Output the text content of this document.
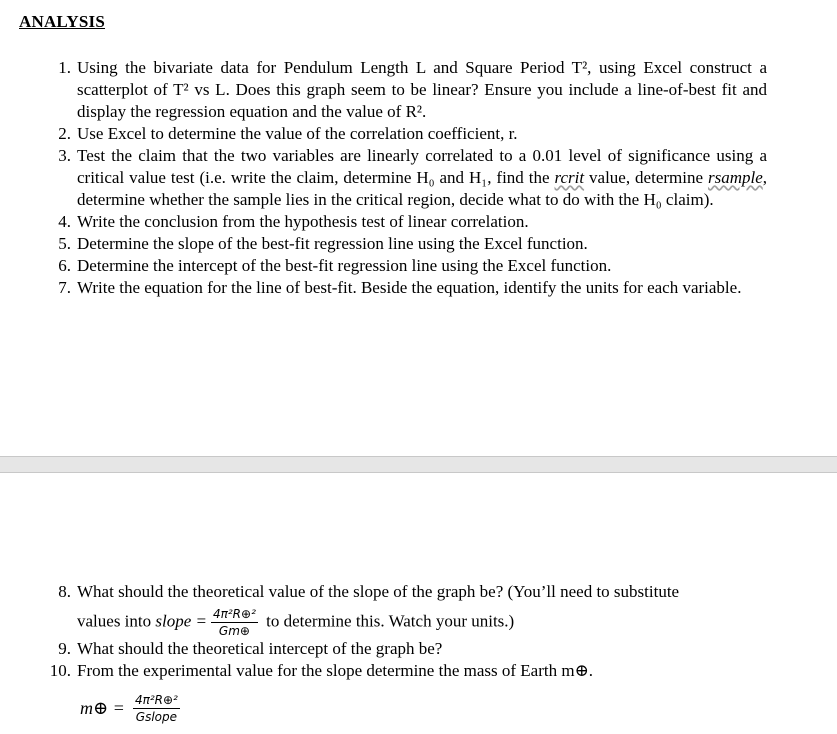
ANALYSIS
1. Using the bivariate data for Pendulum Length L and Square Period T², using Excel construct a scatterplot of T² vs L. Does this graph seem to be linear? Ensure you include a line-of-best fit and display the regression equation and the value of R².
2. Use Excel to determine the value of the correlation coefficient, r.
3. Test the claim that the two variables are linearly correlated to a 0.01 level of significance using a critical value test (i.e. write the claim, determine H₀ and H₁, find the rcrit value, determine rsample, determine whether the sample lies in the critical region, decide what to do with the H₀ claim).
4. Write the conclusion from the hypothesis test of linear correlation.
5. Determine the slope of the best-fit regression line using the Excel function.
6. Determine the intercept of the best-fit regression line using the Excel function.
7. Write the equation for the line of best-fit. Beside the equation, identify the units for each variable.
8. What should the theoretical value of the slope of the graph be? (You’ll need to substitute
values into slope = $\frac{\text{4π²R⊕²}}{Gm\oplus}$ to determine this. Watch your units.)
9. What should the theoretical intercept of the graph be?
10. From the experimental value for the slope determine the mass of Earth m⊕.
m⊕ = $\frac{\text{4π²R⊕²}}{\text{Gslope}}$
